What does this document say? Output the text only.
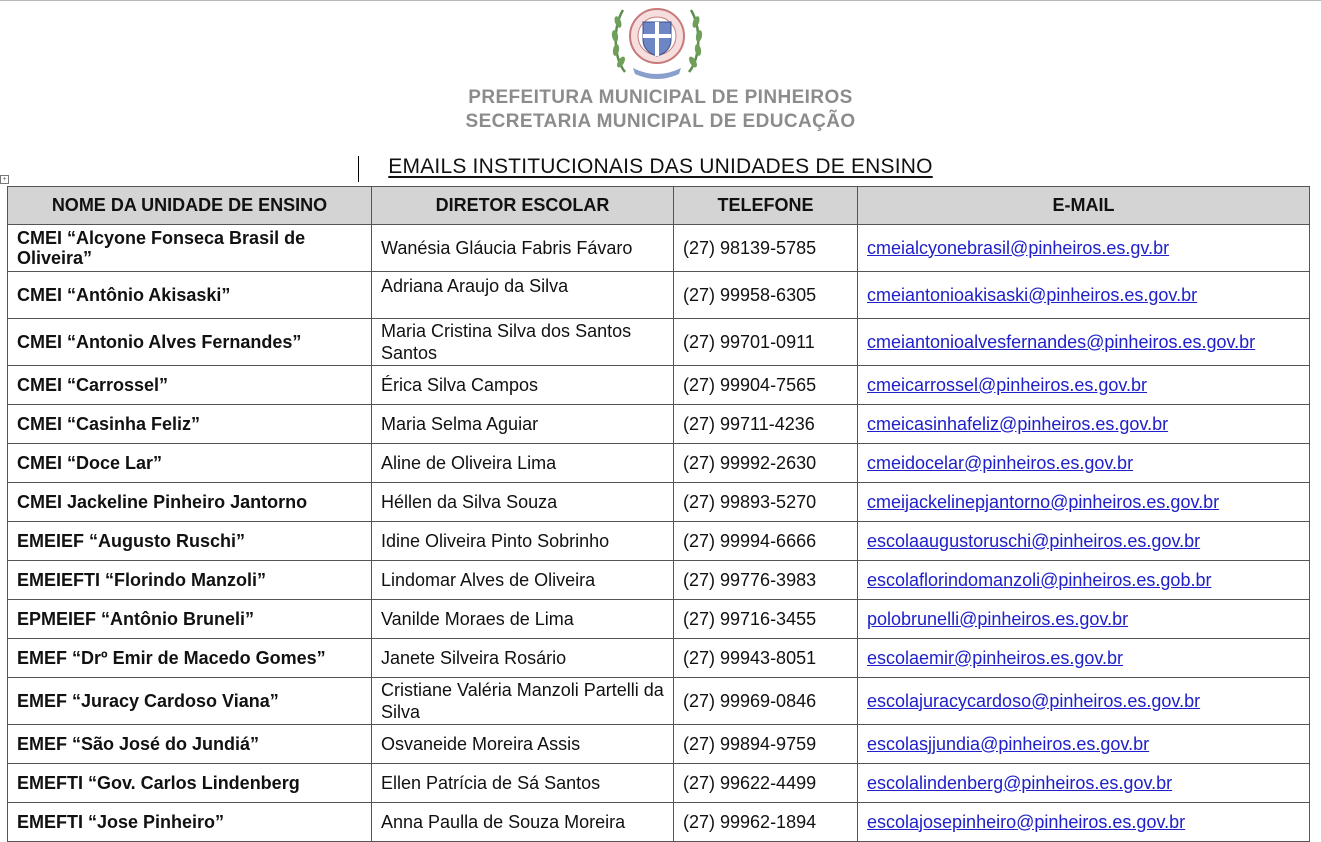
PREFEITURA MUNICIPAL DE PINHEIROS
SECRETARIA MUNICIPAL DE EDUCAÇÃO
EMAILS INSTITUCIONAIS DAS UNIDADES DE ENSINO
+
NOME DA UNIDADE DE ENSINO	DIRETOR ESCOLAR	TELEFONE	E-MAIL
CMEI “Alcyone Fonseca Brasil de Oliveira”	Wanésia Gláucia Fabris Fávaro	(27) 98139-5785	cmeialcyonebrasil@pinheiros.es.gv.br
CMEI “Antônio Akisaski”	Adriana Araujo da Silva	(27) 99958-6305	cmeiantonioakisaski@pinheiros.es.gov.br
CMEI “Antonio Alves Fernandes”	Maria Cristina Silva dos Santos Santos	(27) 99701-0911	cmeiantonioalvesfernandes@pinheiros.es.gov.br
CMEI “Carrossel”	Érica Silva Campos	(27) 99904-7565	cmeicarrossel@pinheiros.es.gov.br
CMEI “Casinha Feliz”	Maria Selma Aguiar	(27) 99711-4236	cmeicasinhafeliz@pinheiros.es.gov.br
CMEI “Doce Lar”	Aline de Oliveira Lima	(27) 99992-2630	cmeidocelar@pinheiros.es.gov.br
CMEI Jackeline Pinheiro Jantorno	Héllen da Silva Souza	(27) 99893-5270	cmeijackelinepjantorno@pinheiros.es.gov.br
EMEIEF “Augusto Ruschi”	Idine Oliveira Pinto Sobrinho	(27) 99994-6666	escolaaugustoruschi@pinheiros.es.gov.br
EMEIEFTI “Florindo Manzoli”	Lindomar Alves de Oliveira	(27) 99776-3983	escolaflorindomanzoli@pinheiros.es.gob.br
EPMEIEF “Antônio Bruneli”	Vanilde Moraes de Lima	(27) 99716-3455	polobrunelli@pinheiros.es.gov.br
EMEF “Drº Emir de Macedo Gomes”	Janete Silveira Rosário	(27) 99943-8051	escolaemir@pinheiros.es.gov.br
EMEF “Juracy Cardoso Viana”	Cristiane Valéria Manzoli Partelli da Silva	(27) 99969-0846	escolajuracycardoso@pinheiros.es.gov.br
EMEF “São José do Jundiá”	Osvaneide Moreira Assis	(27) 99894-9759	escolasjjundia@pinheiros.es.gov.br
EMEFTI “Gov. Carlos Lindenberg	Ellen Patrícia de Sá Santos	(27) 99622-4499	escolalindenberg@pinheiros.es.gov.br
EMEFTI “Jose Pinheiro”	Anna Paulla de Souza Moreira	(27) 99962-1894	escolajosepinheiro@pinheiros.es.gov.br
